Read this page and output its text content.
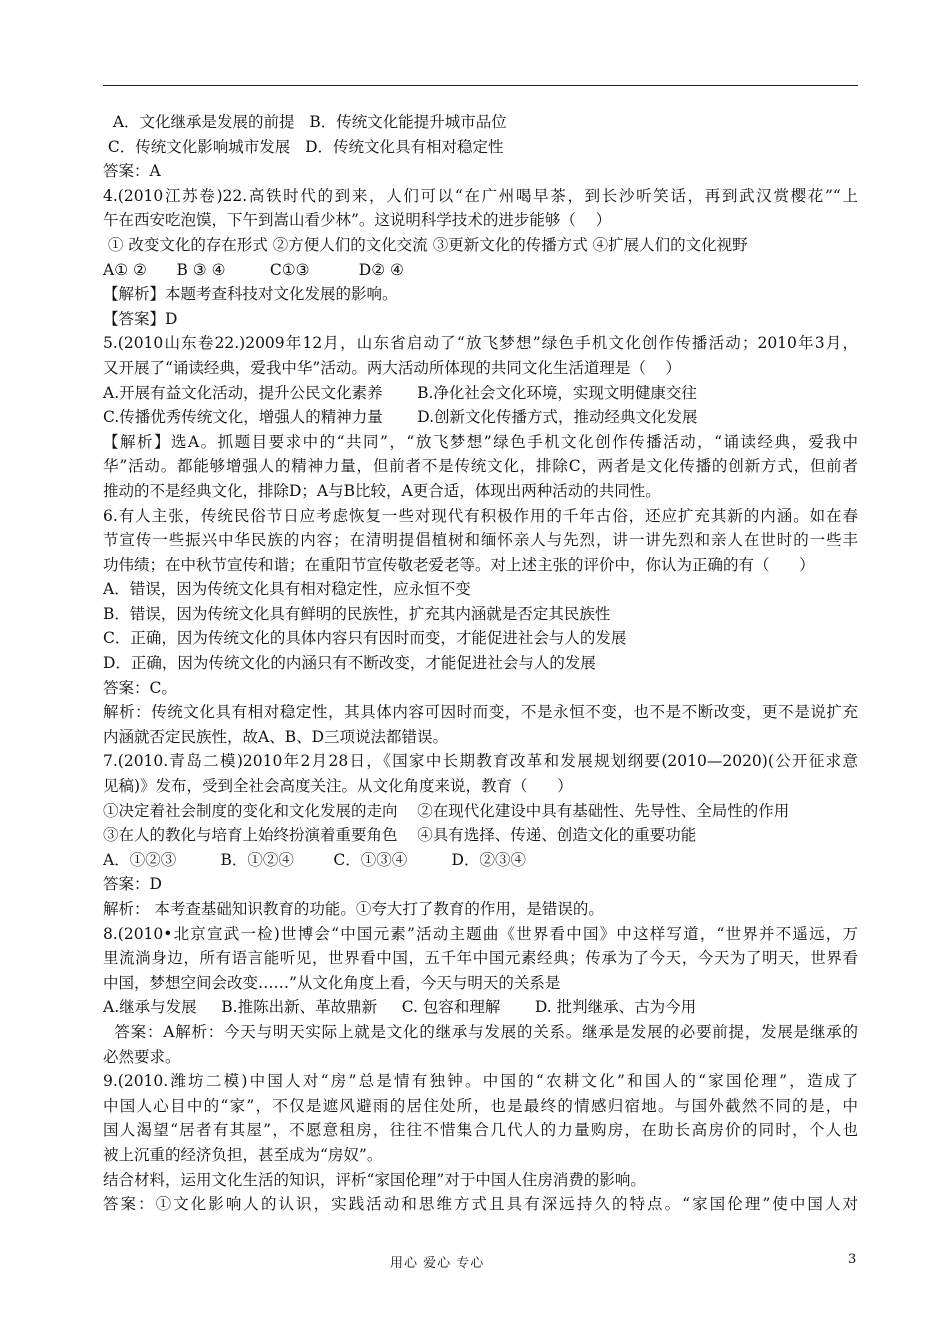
A．文化继承是发展的前提   B．传统文化能提升城市品位
C．传统文化影响城市发展   D．传统文化具有相对稳定性
答案：A
4.(2010江苏卷)22.高铁时代的到来，人们可以“在广州喝早茶，到长沙听笑话，再到武汉赏樱花”“上
午在西安吃泡馍，下午到嵩山看少林”。这说明科学技术的进步能够（    ）
① 改变文化的存在形式 ②方便人们的文化交流 ③更新文化的传播方式 ④扩展人们的文化视野
A① ②      B ③ ④         C①③          D② ④
【解析】本题考查科技对文化发展的影响。
【答案】D
5.(2010山东卷22.)2009年12月，山东省启动了“放飞梦想”绿色手机文化创作传播活动；2010年3月，
又开展了“诵读经典，爱我中华”活动。两大活动所体现的共同文化生活道理是（    ）
A.开展有益文化活动，提升公民文化素养       B.净化社会文化环境，实现文明健康交往
C.传播优秀传统文化，增强人的精神力量       D.创新文化传播方式，推动经典文化发展
【解析】选A。抓题目要求中的“共同”，“放飞梦想”绿色手机文化创作传播活动，“诵读经典，爱我中
华”活动。都能够增强人的精神力量，但前者不是传统文化，排除C，两者是文化传播的创新方式，但前者
推动的不是经典文化，排除D；A与B比较，A更合适，体现出两种活动的共同性。
6.有人主张，传统民俗节日应考虑恢复一些对现代有积极作用的千年古俗，还应扩充其新的内涵。如在春
节宣传一些振兴中华民族的内容；在清明提倡植树和缅怀亲人与先烈，讲一讲先烈和亲人在世时的一些丰
功伟绩；在中秋节宣传和谐；在重阳节宣传敬老爱老等。对上述主张的评价中，你认为正确的有（      ）
A．错误，因为传统文化具有相对稳定性，应永恒不变
B．错误，因为传统文化具有鲜明的民族性，扩充其内涵就是否定其民族性
C．正确，因为传统文化的具体内容只有因时而变，才能促进社会与人的发展
D．正确，因为传统文化的内涵只有不断改变，才能促进社会与人的发展
答案：C。
解析：传统文化具有相对稳定性，其具体内容可因时而变，不是永恒不变，也不是不断改变，更不是说扩充
内涵就否定民族性，故A、B、D三项说法都错误。
7.(2010.青岛二模)2010年2月28日，《国家中长期教育改革和发展规划纲要(2010—2020)(公开征求意
见稿)》发布，受到全社会高度关注。从文化角度来说，教育（      ）
①决定着社会制度的变化和文化发展的走向    ②在现代化建设中具有基础性、先导性、全局性的作用
③在人的教化与培育上始终扮演着重要角色    ④具有选择、传递、创造文化的重要功能
A．①②③         B．①②④        C．①③④         D．②③④
答案：D
解析： 本考查基础知识教育的功能。①夸大打了教育的作用，是错误的。
8.(2010•北京宣武一检)世博会“中国元素”活动主题曲《世界看中国》中这样写道，“世界并不遥远，万
里流淌身边，所有语言能听见，世界看中国，五千年中国元素经典；传承为了今天，今天为了明天，世界看
中国，梦想空间会改变……”从文化角度上看，今天与明天的关系是
A.继承与发展     B.推陈出新、革故鼎新     C. 包容和理解       D. 批判继承、古为今用
答案：A解析：今天与明天实际上就是文化的继承与发展的关系。继承是发展的必要前提，发展是继承的
必然要求。
9.(2010.潍坊二模)中国人对“房”总是情有独钟。中国的“农耕文化”和国人的“家国伦理”，造成了
中国人心目中的“家”，不仅是遮风避雨的居住处所，也是最终的情感归宿地。与国外截然不同的是，中
国人渴望“居者有其屋”，不愿意租房，往往不惜集合几代人的力量购房，在助长高房价的同时，个人也
被上沉重的经济负担，甚至成为“房奴”。
结合材料，运用文化生活的知识，评析“家国伦理”对于中国人住房消费的影响。
答案：①文化影响人的认识，实践活动和思维方式且具有深远持久的特点。“家国伦理”使中国人对
用心 爱心 专心	3
